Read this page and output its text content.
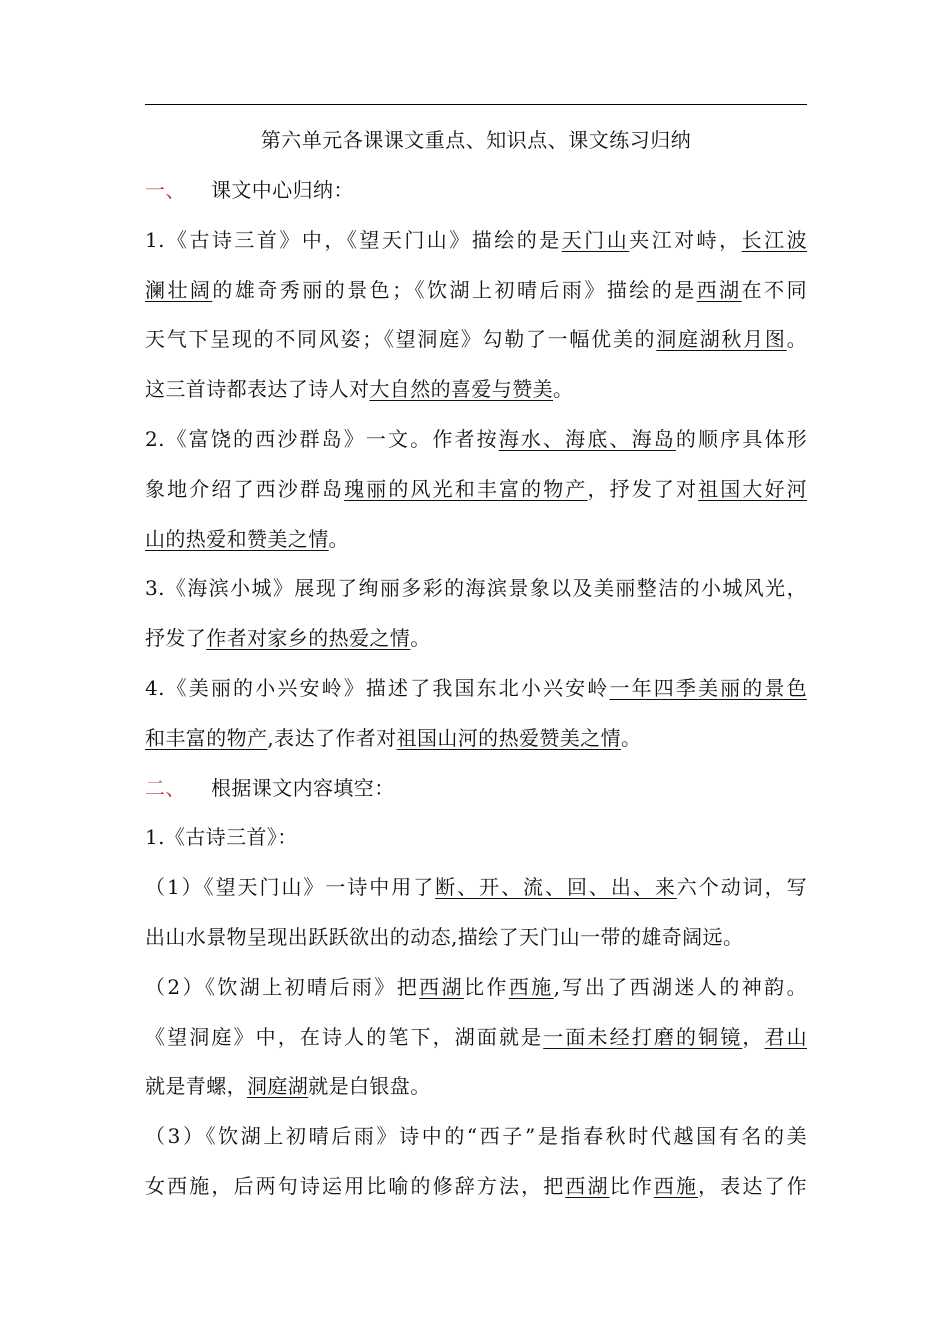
第六单元各课课文重点、知识点、课文练习归纳
一、 课文中心归纳：
1.《古诗三首》中，《望天门山》描绘的是天门山夹江对峙，长江波
澜壮阔的雄奇秀丽的景色；《饮湖上初晴后雨》描绘的是西湖在不同
天气下呈现的不同风姿；《望洞庭》勾勒了一幅优美的洞庭湖秋月图。
这三首诗都表达了诗人对大自然的喜爱与赞美。
2.《富饶的西沙群岛》一文。作者按海水、海底、海岛的顺序具体形
象地介绍了西沙群岛瑰丽的风光和丰富的物产，抒发了对祖国大好河
山的热爱和赞美之情。
3.《海滨小城》展现了绚丽多彩的海滨景象以及美丽整洁的小城风光，
抒发了作者对家乡的热爱之情。
4.《美丽的小兴安岭》描述了我国东北小兴安岭一年四季美丽的景色
和丰富的物产,表达了作者对祖国山河的热爱赞美之情。
二、 根据课文内容填空：
1.《古诗三首》：
（1）《望天门山》一诗中用了断、开、流、回、出、来六个动词，写
出山水景物呈现出跃跃欲出的动态,描绘了天门山一带的雄奇阔远。
（2）《饮湖上初晴后雨》把西湖比作西施,写出了西湖迷人的神韵。
《望洞庭》中，在诗人的笔下，湖面就是一面未经打磨的铜镜，君山
就是青螺，洞庭湖就是白银盘。
（3）《饮湖上初晴后雨》诗中的“西子”是指春秋时代越国有名的美
女西施，后两句诗运用比喻的修辞方法，把西湖比作西施，表达了作
